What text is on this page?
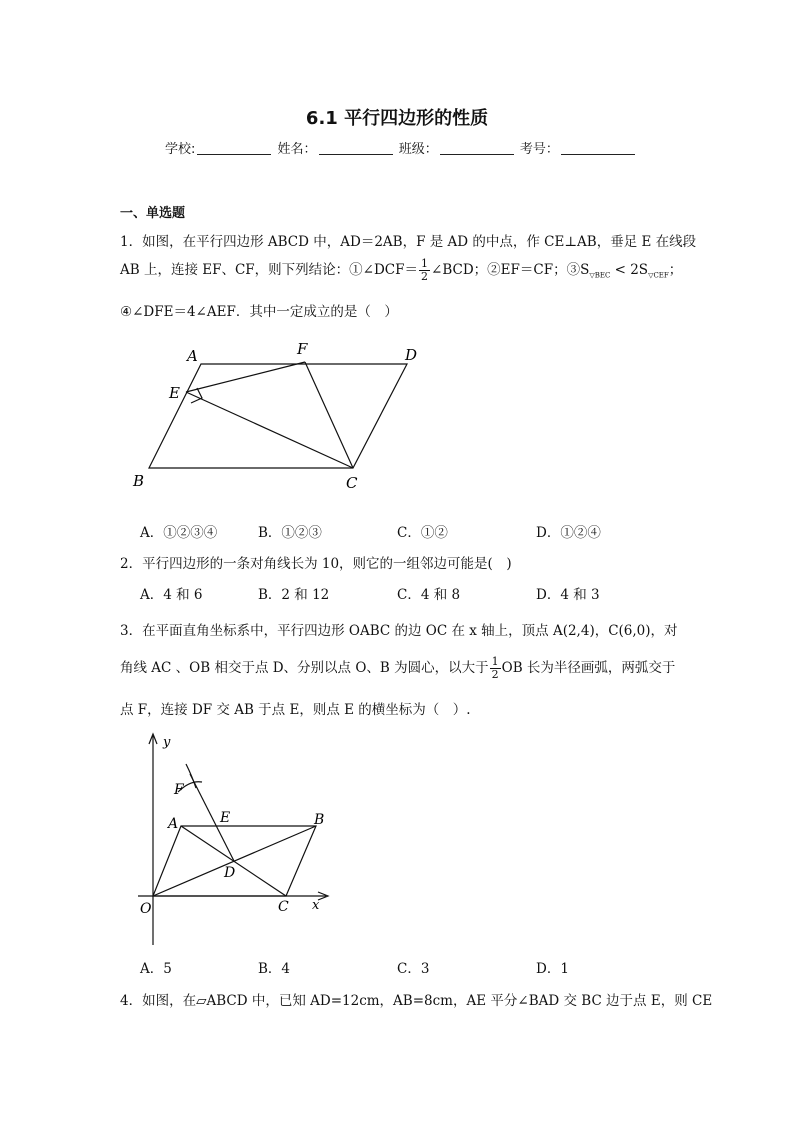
6.1 平行四边形的性质
学校:	姓名：	班级：	考号：
一、单选题
1．如图，在平行四边形 ABCD 中，AD＝2AB，F 是 AD 的中点，作 CE⊥AB，垂足 E 在线段
AB 上，连接 EF、CF，则下列结论：①∠DCF＝ $\frac{1}{2}$ ∠BCD；②EF＝CF；$③S_{▽BEC} < 2S_{▽CEF}$；
④∠DFE＝4∠AEF．其中一定成立的是（　）
A	F	D
E
B	C
A．①②③④	B．①②③	C．①②	D．①②④
2．平行四边形的一条对角线长为 10，则它的一组邻边可能是(　)
A．4 和 6	B．2 和 12	C．4 和 8	D．4 和 3
3．在平面直角坐标系中，平行四边形 OABC 的边 OC 在 x 轴上，顶点 A(2,4)，C(6,0)，对
角线 AC 、OB 相交于点 D、分别以点 O、B 为圆心，以大于 $\frac{1}{2}$ OB 长为半径画弧，两弧交于
点 F，连接 DF 交 AB 于点 E，则点 E 的横坐标为（　）.
y
x
O
A	B
C
D
E
F
A．5	B．4	C．3	D．1
4．如图，在▱ABCD 中，已知 AD=12cm，AB=8cm，AE 平分∠BAD 交 BC 边于点 E，则 CE
